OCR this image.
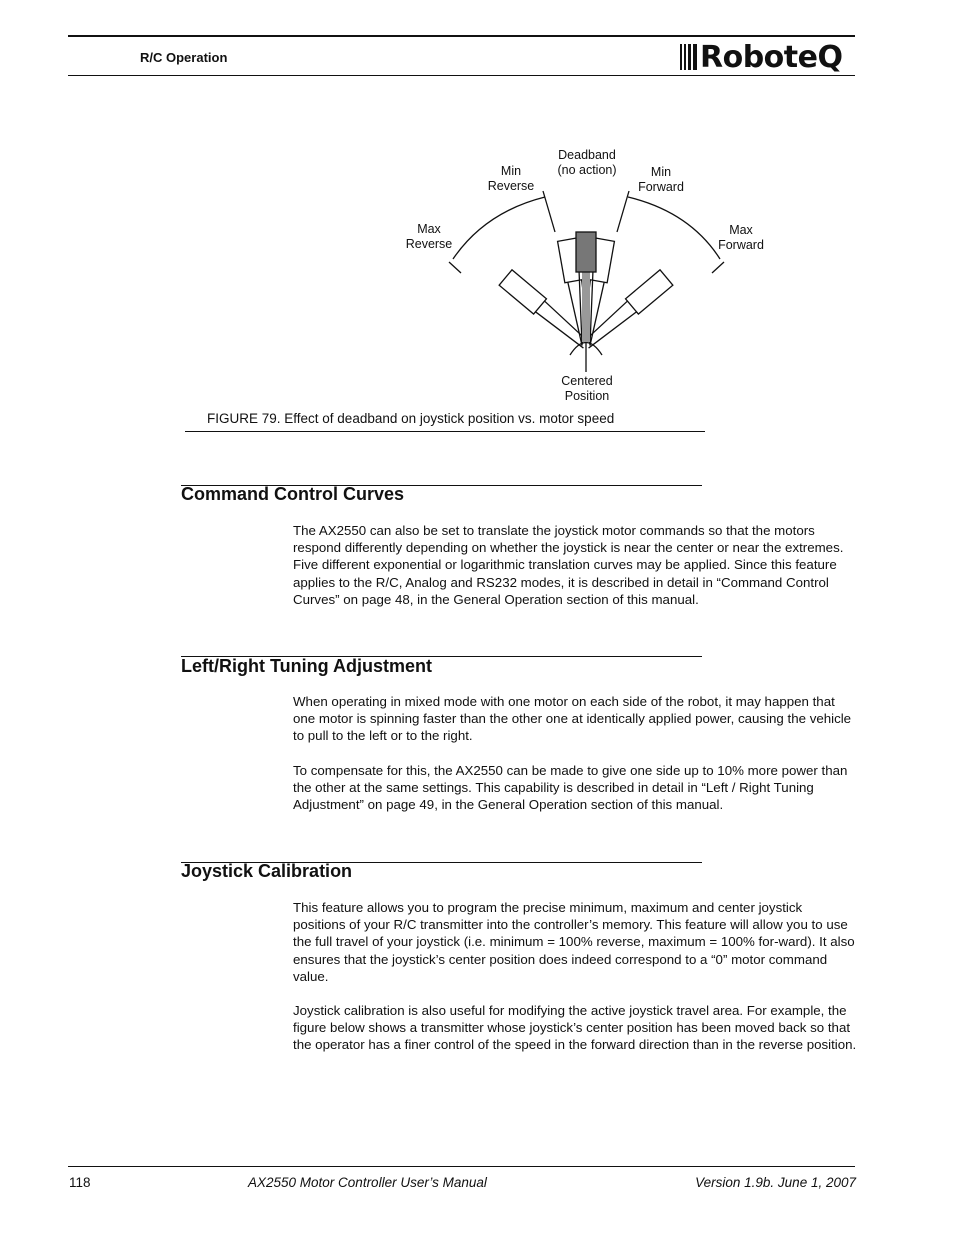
R/C Operation	RoboteQ
Deadband
(no action)
Min
Reverse
Min
Forward
Max
Reverse
Max
Forward
Centered
Position
FIGURE 79. Effect of deadband on joystick position vs. motor speed
Command Control Curves
The AX2550 can also be set to translate the joystick motor commands so that the motors respond differently depending on whether the joystick is near the center or near the extremes. Five different exponential or logarithmic translation curves may be applied. Since this feature applies to the R/C, Analog and RS232 modes, it is described in detail in “Command Control Curves” on page 48, in the General Operation section of this manual.
Left/Right Tuning Adjustment
When operating in mixed mode with one motor on each side of the robot, it may happen that one motor is spinning faster than the other one at identically applied power, causing the vehicle to pull to the left or to the right.
To compensate for this, the AX2550 can be made to give one side up to 10% more power than the other at the same settings. This capability is described in detail in “Left / Right Tuning Adjustment” on page 49, in the General Operation section of this manual.
Joystick Calibration
This feature allows you to program the precise minimum, maximum and center joystick positions of your R/C transmitter into the controller’s memory. This feature will allow you to use the full travel of your joystick (i.e. minimum = 100% reverse, maximum = 100% for-ward). It also ensures that the joystick’s center position does indeed correspond to a “0” motor command value.
Joystick calibration is also useful for modifying the active joystick travel area. For example, the figure below shows a transmitter whose joystick’s center position has been moved back so that the operator has a finer control of the speed in the forward direction than in the reverse position.
118	AX2550 Motor Controller User’s Manual	Version 1.9b. June 1, 2007
